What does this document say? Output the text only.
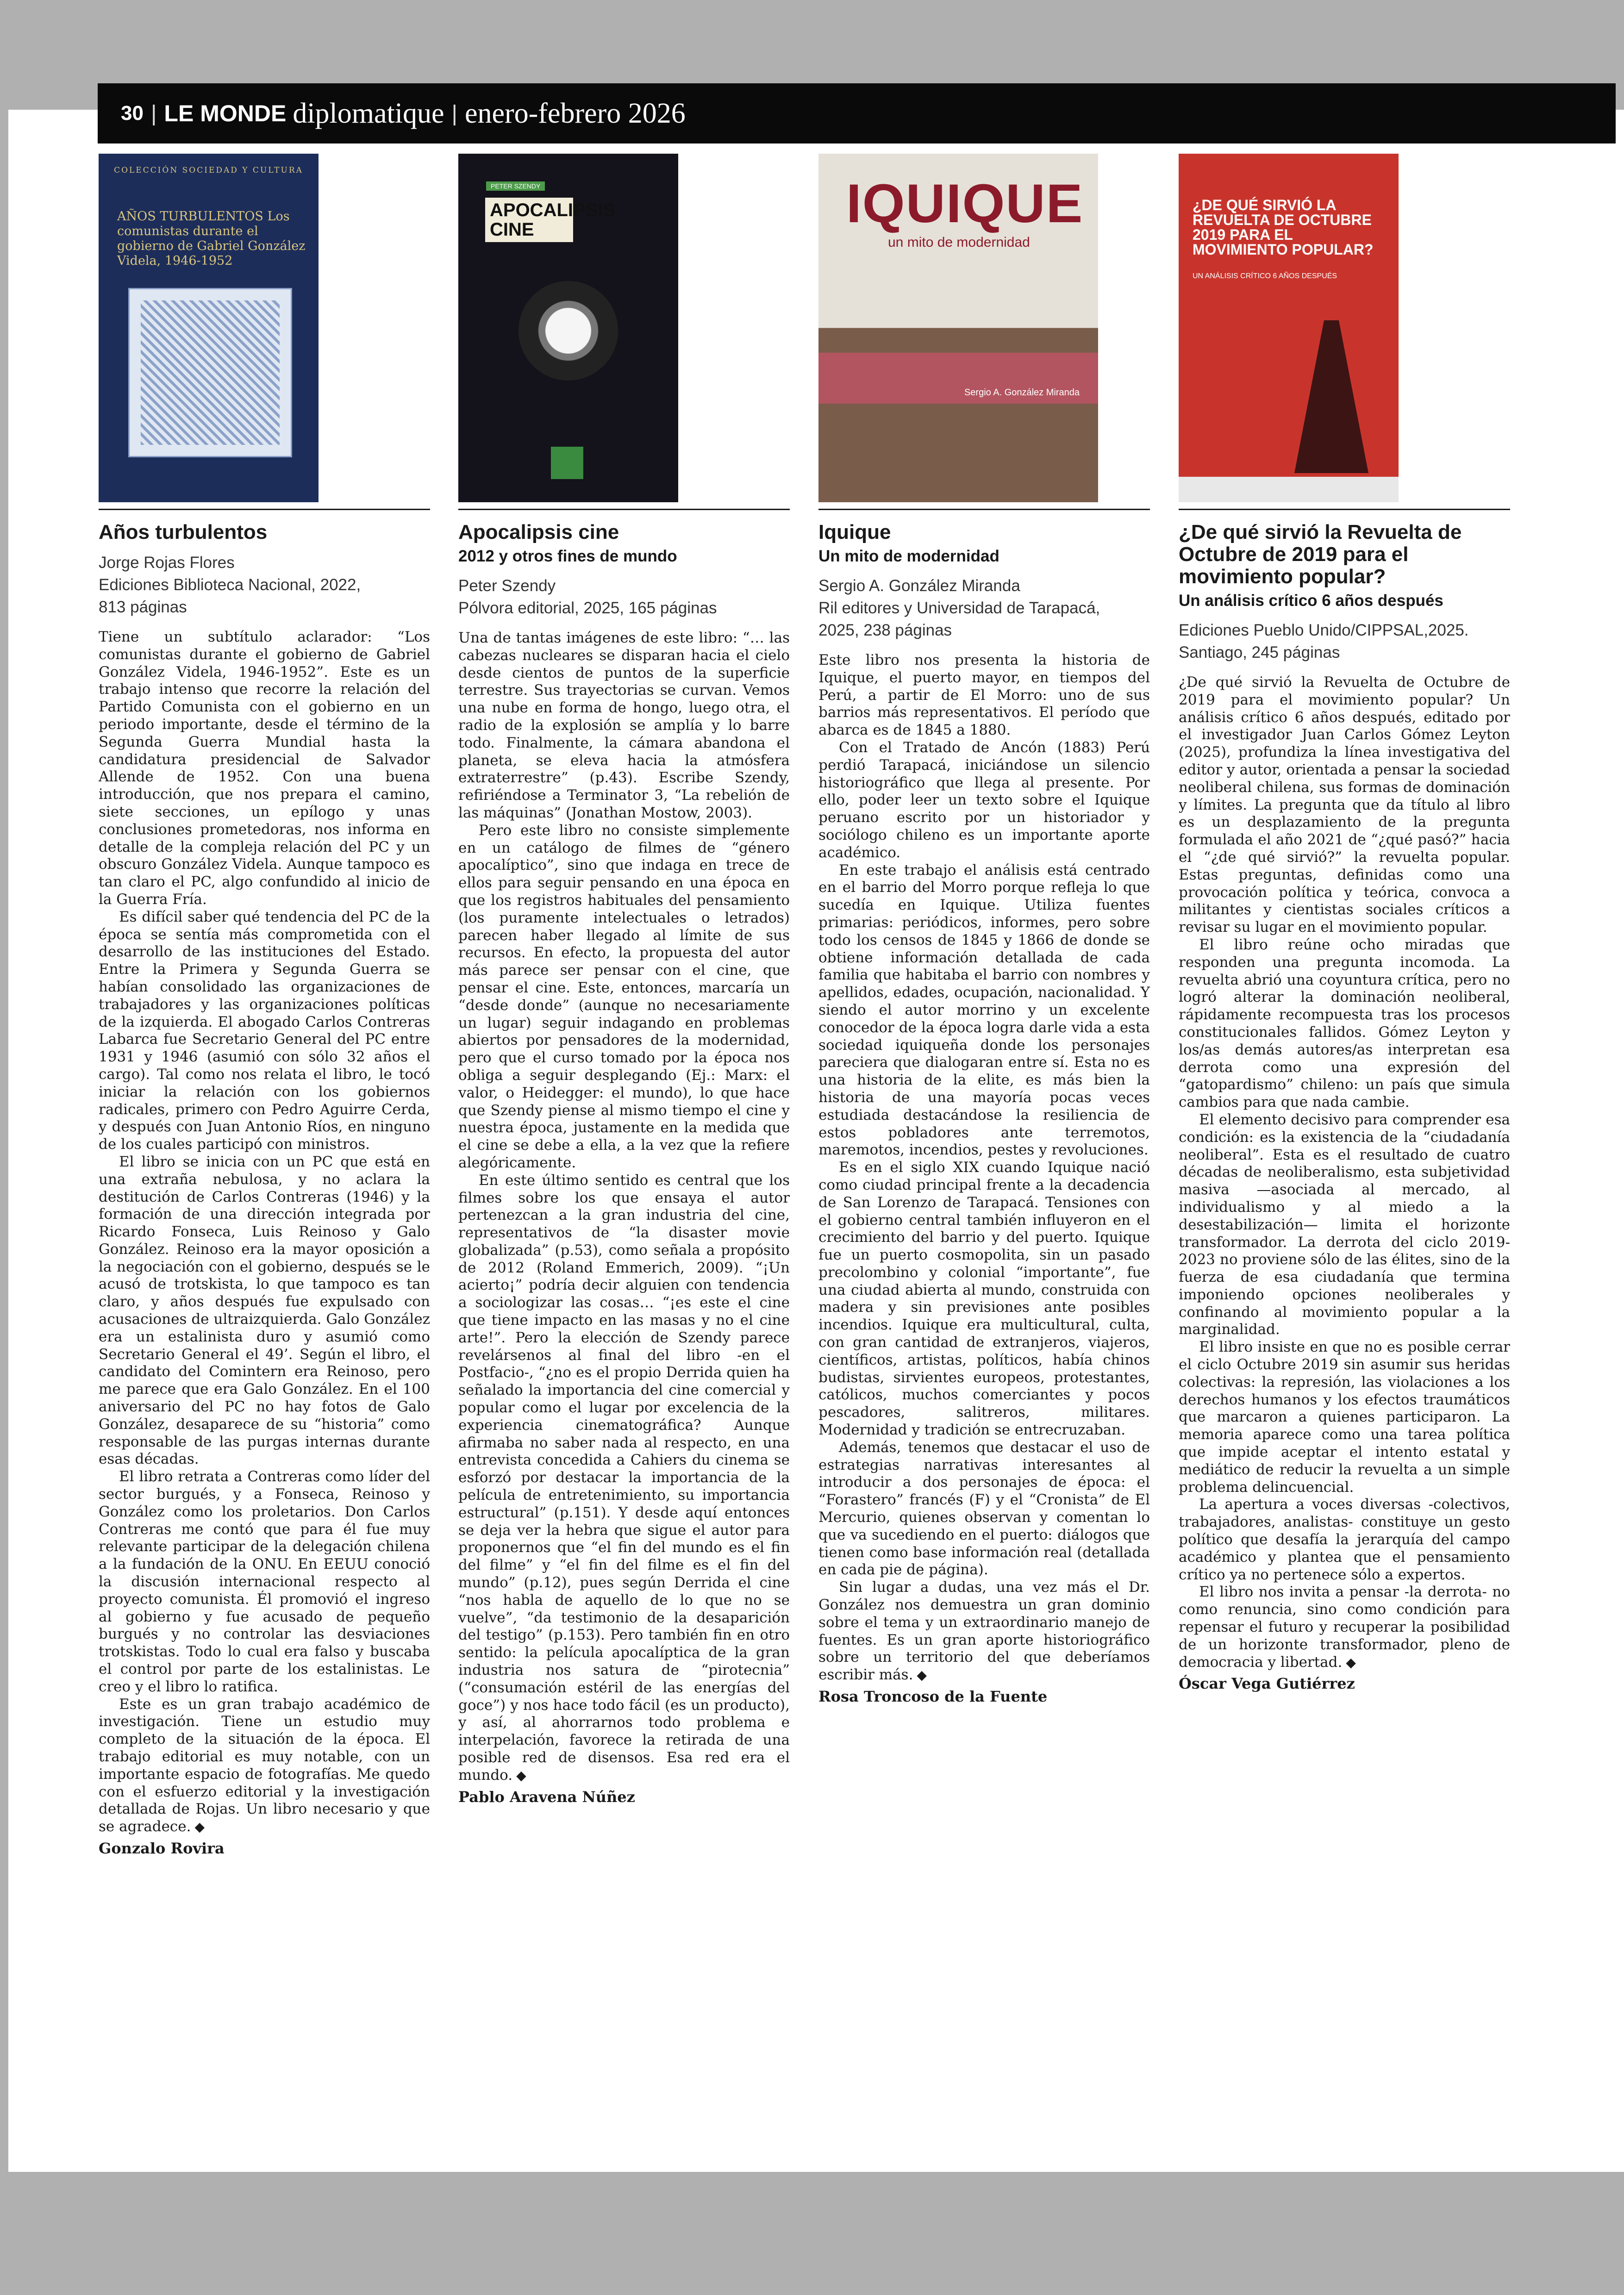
30 | LE MONDE diplomatique | enero-febrero 2026
COLECCIÓN SOCIEDAD Y CULTURA
AÑOS TURBULENTOS Los comunistas durante el gobierno de Gabriel González Videla, 1946-1952
Años turbulentos
Jorge Rojas Flores
Ediciones Biblioteca Nacional, 2022,
813 páginas

Tiene un subtítulo aclarador: “Los comunistas durante el gobierno de Gabriel González Videla, 1946-1952”. Este es un trabajo intenso que recorre la relación del Partido Comunista con el gobierno en un periodo importante, desde el término de la Segunda Guerra Mundial hasta la candidatura presidencial de Salvador Allende de 1952. Con una buena introducción, que nos prepara el camino, siete secciones, un epílogo y unas conclusiones prometedoras, nos informa en detalle de la compleja relación del PC y un obscuro González Videla. Aunque tampoco es tan claro el PC, algo confundido al inicio de la Guerra Fría.

Es difícil saber qué tendencia del PC de la época se sentía más comprometida con el desarrollo de las instituciones del Estado. Entre la Primera y Segunda Guerra se habían consolidado las organizaciones de trabajadores y las organizaciones políticas de la izquierda. El abogado Carlos Contreras Labarca fue Secretario General del PC entre 1931 y 1946 (asumió con sólo 32 años el cargo). Tal como nos relata el libro, le tocó iniciar la relación con los gobiernos radicales, primero con Pedro Aguirre Cerda, y después con Juan Antonio Ríos, en ninguno de los cuales participó con ministros.

El libro se inicia con un PC que está en una extraña nebulosa, y no aclara la destitución de Carlos Contreras (1946) y la formación de una dirección integrada por Ricardo Fonseca, Luis Reinoso y Galo González. Reinoso era la mayor oposición a la negociación con el gobierno, después se le acusó de trotskista, lo que tampoco es tan claro, y años después fue expulsado con acusaciones de ultraizquierda. Galo González era un estalinista duro y asumió como Secretario General el 49’. Según el libro, el candidato del Comintern era Reinoso, pero me parece que era Galo González. En el 100 aniversario del PC no hay fotos de Galo González, desaparece de su “historia” como responsable de las purgas internas durante esas décadas.

El libro retrata a Contreras como líder del sector burgués, y a Fonseca, Reinoso y González como los proletarios. Don Carlos Contreras me contó que para él fue muy relevante participar de la delegación chilena a la fundación de la ONU. En EEUU conoció la discusión internacional respecto al proyecto comunista. Él promovió el ingreso al gobierno y fue acusado de pequeño burgués y no controlar las desviaciones trotskistas. Todo lo cual era falso y buscaba el control por parte de los estalinistas. Le creo y el libro lo ratifica.

Este es un gran trabajo académico de investigación. Tiene un estudio muy completo de la situación de la época. El trabajo editorial es muy notable, con un importante espacio de fotografías. Me quedo con el esfuerzo editorial y la investigación detallada de Rojas. Un libro necesario y que se agradece. ◆

Gonzalo Rovira
PETER SZENDY
APOCALIPSIS CINE
Apocalipsis cine
2012 y otros fines de mundo
Peter Szendy
Pólvora editorial, 2025, 165 páginas

Una de tantas imágenes de este libro: “… las cabezas nucleares se disparan hacia el cielo desde cientos de puntos de la superficie terrestre. Sus trayectorias se curvan. Vemos una nube en forma de hongo, luego otra, el radio de la explosión se amplía y lo barre todo. Finalmente, la cámara abandona el planeta, se eleva hacia la atmósfera extraterrestre” (p.43). Escribe Szendy, refiriéndose a Terminator 3, “La rebelión de las máquinas” (Jonathan Mostow, 2003).

Pero este libro no consiste simplemente en un catálogo de filmes de “género apocalíptico”, sino que indaga en trece de ellos para seguir pensando en una época en que los registros habituales del pensamiento (los puramente intelectuales o letrados) parecen haber llegado al límite de sus recursos. En efecto, la propuesta del autor más parece ser pensar con el cine, que pensar el cine. Este, entonces, marcaría un “desde donde” (aunque no necesariamente un lugar) seguir indagando en problemas abiertos por pensadores de la modernidad, pero que el curso tomado por la época nos obliga a seguir desplegando (Ej.: Marx: el valor, o Heidegger: el mundo), lo que hace que Szendy piense al mismo tiempo el cine y nuestra época, justamente en la medida que el cine se debe a ella, a la vez que la refiere alegóricamente.

En este último sentido es central que los filmes sobre los que ensaya el autor pertenezcan a la gran industria del cine, representativos de “la disaster movie globalizada” (p.53), como señala a propósito de 2012 (Roland Emmerich, 2009). “¡Un acierto¡” podría decir alguien con tendencia a sociologizar las cosas… “¡es este el cine que tiene impacto en las masas y no el cine arte!”. Pero la elección de Szendy parece revelársenos al final del libro -en el Postfacio-, “¿no es el propio Derrida quien ha señalado la importancia del cine comercial y popular como el lugar por excelencia de la experiencia cinematográfica? Aunque afirmaba no saber nada al respecto, en una entrevista concedida a Cahiers du cinema se esforzó por destacar la importancia de la película de entretenimiento, su importancia estructural” (p.151). Y desde aquí entonces se deja ver la hebra que sigue el autor para proponernos que “el fin del mundo es el fin del filme” y “el fin del filme es el fin del mundo” (p.12), pues según Derrida el cine “nos habla de aquello de lo que no se vuelve”, “da testimonio de la desaparición del testigo” (p.153). Pero también fin en otro sentido: la película apocalíptica de la gran industria nos satura de “pirotecnia” (“consumación estéril de las energías del goce”) y nos hace todo fácil (es un producto), y así, al ahorrarnos todo problema e interpelación, favorece la retirada de una posible red de disensos. Esa red era el mundo. ◆

Pablo Aravena Núñez
IQUIQUE
un mito de modernidad
Sergio A. González Miranda
Iquique
Un mito de modernidad
Sergio A. González Miranda
Ril editores y Universidad de Tarapacá,
2025, 238 páginas

Este libro nos presenta la historia de Iquique, el puerto mayor, en tiempos del Perú, a partir de El Morro: uno de sus barrios más representativos. El período que abarca es de 1845 a 1880.

Con el Tratado de Ancón (1883) Perú perdió Tarapacá, iniciándose un silencio historiográfico que llega al presente. Por ello, poder leer un texto sobre el Iquique peruano escrito por un historiador y sociólogo chileno es un importante aporte académico.

En este trabajo el análisis está centrado en el barrio del Morro porque refleja lo que sucedía en Iquique. Utiliza fuentes primarias: periódicos, informes, pero sobre todo los censos de 1845 y 1866 de donde se obtiene información detallada de cada familia que habitaba el barrio con nombres y apellidos, edades, ocupación, nacionalidad. Y siendo el autor morrino y un excelente conocedor de la época logra darle vida a esta sociedad iquiqueña donde los personajes pareciera que dialogaran entre sí. Esta no es una historia de la elite, es más bien la historia de una mayoría pocas veces estudiada destacándose la resiliencia de estos pobladores ante terremotos, maremotos, incendios, pestes y revoluciones.

Es en el siglo XIX cuando Iquique nació como ciudad principal frente a la decadencia de San Lorenzo de Tarapacá. Tensiones con el gobierno central también influyeron en el crecimiento del barrio y del puerto. Iquique fue un puerto cosmopolita, sin un pasado precolombino y colonial “importante”, fue una ciudad abierta al mundo, construida con madera y sin previsiones ante posibles incendios. Iquique era multicultural, culta, con gran cantidad de extranjeros, viajeros, científicos, artistas, políticos, había chinos budistas, sirvientes europeos, protestantes, católicos, muchos comerciantes y pocos pescadores, salitreros, militares. Modernidad y tradición se entrecruzaban.

Además, tenemos que destacar el uso de estrategias narrativas interesantes al introducir a dos personajes de época: el “Forastero” francés (F) y el “Cronista” de El Mercurio, quienes observan y comentan lo que va sucediendo en el puerto: diálogos que tienen como base información real (detallada en cada pie de página).

Sin lugar a dudas, una vez más el Dr. González nos demuestra un gran dominio sobre el tema y un extraordinario manejo de fuentes. Es un gran aporte historiográfico sobre un territorio del que deberíamos escribir más. ◆

Rosa Troncoso de la Fuente
¿DE QUÉ SIRVIÓ LA REVUELTA DE OCTUBRE 2019 PARA EL MOVIMIENTO POPULAR?
UN ANÁLISIS CRÍTICO 6 AÑOS DESPUÉS
¿De qué sirvió la Revuelta de Octubre de 2019 para el movimiento popular?
Un análisis crítico 6 años después
Ediciones Pueblo Unido/CIPPSAL,2025.
Santiago, 245 páginas

¿De qué sirvió la Revuelta de Octubre de 2019 para el movimiento popular? Un análisis crítico 6 años después, editado por el investigador Juan Carlos Gómez Leyton (2025), profundiza la línea investigativa del editor y autor, orientada a pensar la sociedad neoliberal chilena, sus formas de dominación y límites. La pregunta que da título al libro es un desplazamiento de la pregunta formulada el año 2021 de “¿qué pasó?” hacia el “¿de qué sirvió?” la revuelta popular. Estas preguntas, definidas como una provocación política y teórica, convoca a militantes y cientistas sociales críticos a revisar su lugar en el movimiento popular.

El libro reúne ocho miradas que responden una pregunta incomoda. La revuelta abrió una coyuntura crítica, pero no logró alterar la dominación neoliberal, rápidamente recompuesta tras los procesos constitucionales fallidos. Gómez Leyton y los/as demás autores/as interpretan esa derrota como una expresión del “gatopardismo” chileno: un país que simula cambios para que nada cambie.

El elemento decisivo para comprender esa condición: es la existencia de la “ciudadanía neoliberal”. Esta es el resultado de cuatro décadas de neoliberalismo, esta subjetividad masiva —asociada al mercado, al individualismo y al miedo a la desestabilización— limita el horizonte transformador. La derrota del ciclo 2019-2023 no proviene sólo de las élites, sino de la fuerza de esa ciudadanía que termina imponiendo opciones neoliberales y confinando al movimiento popular a la marginalidad.

El libro insiste en que no es posible cerrar el ciclo Octubre 2019 sin asumir sus heridas colectivas: la represión, las violaciones a los derechos humanos y los efectos traumáticos que marcaron a quienes participaron. La memoria aparece como una tarea política que impide aceptar el intento estatal y mediático de reducir la revuelta a un simple problema delincuencial.

La apertura a voces diversas -colectivos, trabajadores, analistas- constituye un gesto político que desafía la jerarquía del campo académico y plantea que el pensamiento crítico ya no pertenece sólo a expertos.

El libro nos invita a pensar -la derrota- no como renuncia, sino como condición para repensar el futuro y recuperar la posibilidad de un horizonte transformador, pleno de democracia y libertad. ◆

Óscar Vega Gutiérrez
